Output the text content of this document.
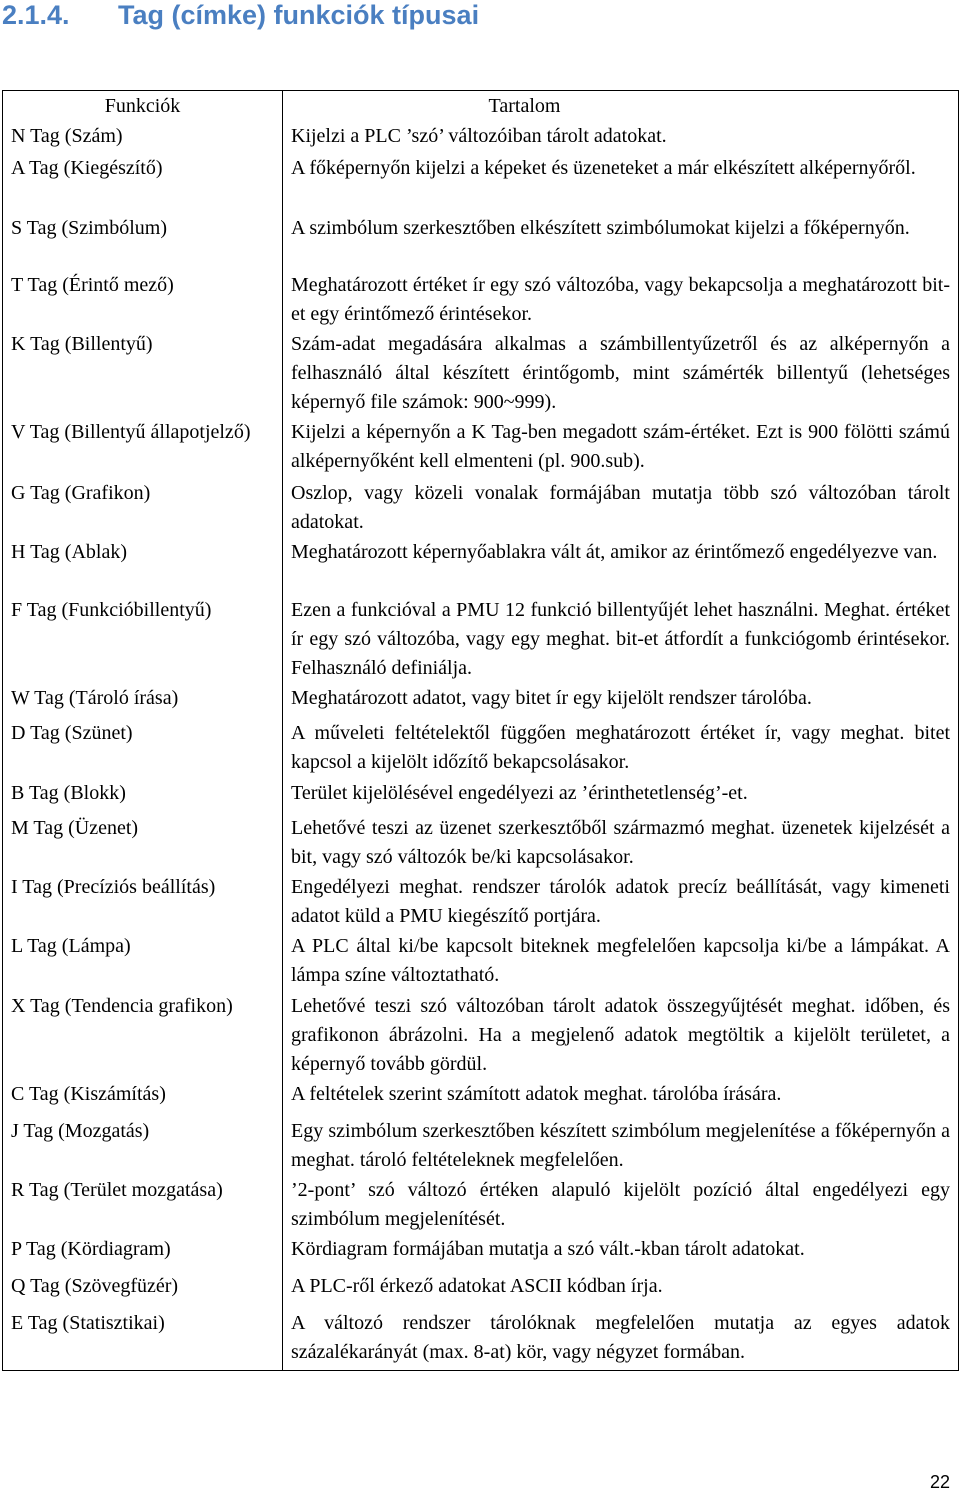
2.1.4. Tag (címke) funkciók típusai
Funkciók	Tartalom
N Tag (Szám)	Kijelzi a PLC ’szó’ változóiban tárolt adatokat.
A Tag (Kiegészítő)	A főképernyőn kijelzi a képeket és üzeneteket a már elkészített alképernyőről.
S Tag (Szimbólum)	A szimbólum szerkesztőben elkészített szimbólumokat kijelzi a főképernyőn.
T Tag (Érintő mező)	Meghatározott értéket ír egy szó változóba, vagy bekapcsolja a meghatározott bit-et egy érintőmező érintésekor.
K Tag (Billentyű)	Szám-adat megadására alkalmas a számbillentyűzetről és az alképernyőn a felhasználó által készített érintőgomb, mint számérték billentyű (lehetséges képernyő file számok: 900~999).
V Tag (Billentyű állapotjelző)	Kijelzi a képernyőn a K Tag-ben megadott szám-értéket. Ezt is 900 fölötti számú alképernyőként kell elmenteni (pl. 900.sub).
G Tag (Grafikon)	Oszlop, vagy közeli vonalak formájában mutatja több szó változóban tárolt adatokat.
H Tag (Ablak)	Meghatározott képernyőablakra vált át, amikor az érintőmező engedélyezve van.
F Tag (Funkcióbillentyű)	Ezen a funkcióval a PMU 12 funkció billentyűjét lehet használni. Meghat. értéket ír egy szó változóba, vagy egy meghat. bit-et átfordít a funkciógomb érintésekor. Felhasználó definiálja.
W Tag (Tároló írása)	Meghatározott adatot, vagy bitet ír egy kijelölt rendszer tárolóba.
D Tag (Szünet)	A műveleti feltételektől függően meghatározott értéket ír, vagy meghat. bitet kapcsol a kijelölt időzítő bekapcsolásakor.
B Tag (Blokk)	Terület kijelölésével engedélyezi az ’érinthetetlenség’-et.
M Tag (Üzenet)	Lehetővé teszi az üzenet szerkesztőből származmó meghat. üzenetek kijelzését a bit, vagy szó változók be/ki kapcsolásakor.
I Tag (Precíziós beállítás)	Engedélyezi meghat. rendszer tárolók adatok precíz beállítását, vagy kimeneti adatot küld a PMU kiegészítő portjára.
L Tag (Lámpa)	A PLC által ki/be kapcsolt biteknek megfelelően kapcsolja ki/be a lámpákat. A lámpa színe változtatható.
X Tag (Tendencia grafikon)	Lehetővé teszi szó változóban tárolt adatok összegyűjtését meghat. időben, és grafikonon ábrázolni. Ha a megjelenő adatok megtöltik a kijelölt területet, a képernyő tovább gördül.
C Tag (Kiszámítás)	A feltételek szerint számított adatok meghat. tárolóba írására.
J Tag (Mozgatás)	Egy szimbólum szerkesztőben készített szimbólum megjelenítése a főképernyőn a meghat. tároló feltételeknek megfelelően.
R Tag (Terület mozgatása)	’2-pont’ szó változó értéken alapuló kijelölt pozíció által engedélyezi egy szimbólum megjelenítését.
P Tag (Kördiagram)	Kördiagram formájában mutatja a szó vált.-kban tárolt adatokat.
Q Tag (Szövegfüzér)	A PLC-ről érkező adatokat ASCII kódban írja.
E Tag (Statisztikai)	A változó rendszer tárolóknak megfelelően mutatja az egyes adatok százalékarányát (max. 8-at) kör, vagy négyzet formában.
22
